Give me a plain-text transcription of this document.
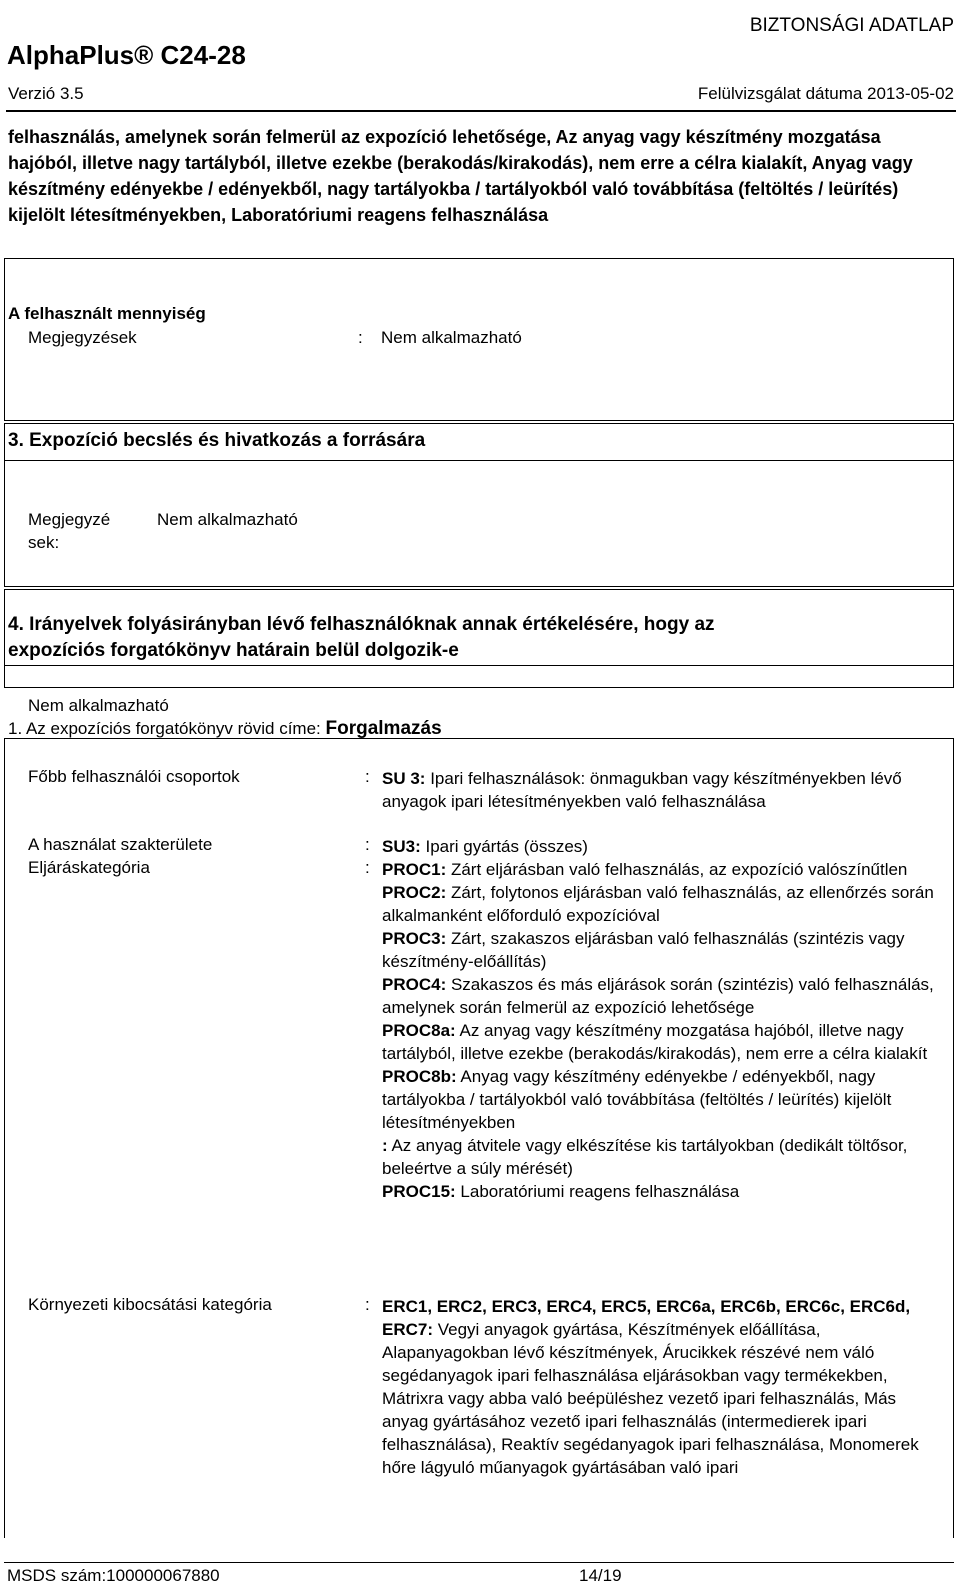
BIZTONSÁGI ADATLAP
AlphaPlus® C24-28
Verzió 3.5	Felülvizsgálat dátuma 2013-05-02
felhasználás, amelynek során felmerül az expozíció lehetősége, Az anyag vagy készítmény mozgatása hajóból, illetve nagy tartályból, illetve ezekbe (berakodás/kirakodás), nem erre a célra kialakít, Anyag vagy készítmény edényekbe / edényekből, nagy tartályokba / tartályokból való továbbítása (feltöltés / leürítés) kijelölt létesítményekben, Laboratóriumi reagens felhasználása
A felhasznált mennyiség
Megjegyzések	: Nem alkalmazható
3. Expozíció becslés és hivatkozás a forrására
Megjegyzé
sek:
Nem alkalmazható
4. Irányelvek folyásirányban lévő felhasználóknak annak értékelésére, hogy az
expozíciós forgatókönyv határain belül dolgozik-e
Nem alkalmazható
1. Az expozíciós forgatókönyv rövid címe: Forgalmazás
Főbb felhasználói csoportok	: SU 3: Ipari felhasználások: önmagukban vagy készítményekben lévő anyagok ipari létesítményekben való felhasználása
A használat szakterülete	: SU3: Ipari gyártás (összes)
Eljáráskategória	: PROC1: Zárt eljárásban való felhasználás, az expozíció valószínűtlen
PROC2: Zárt, folytonos eljárásban való felhasználás, az ellenőrzés során alkalmanként előforduló expozícióval
PROC3: Zárt, szakaszos eljárásban való felhasználás (szintézis vagy készítmény-előállítás)
PROC4: Szakaszos és más eljárások során (szintézis) való felhasználás, amelynek során felmerül az expozíció lehetősége
PROC8a: Az anyag vagy készítmény mozgatása hajóból, illetve nagy tartályból, illetve ezekbe (berakodás/kirakodás), nem erre a célra kialakít
PROC8b: Anyag vagy készítmény edényekbe / edényekből, nagy tartályokba / tartályokból való továbbítása (feltöltés / leürítés) kijelölt létesítményekben
: Az anyag átvitele vagy elkészítése kis tartályokban (dedikált töltősor, beleértve a súly mérését)
PROC15: Laboratóriumi reagens felhasználása
Környezeti kibocsátási kategória	: ERC1, ERC2, ERC3, ERC4, ERC5, ERC6a, ERC6b, ERC6c, ERC6d, ERC7: Vegyi anyagok gyártása, Készítmények előállítása, Alapanyagokban lévő készítmények, Árucikkek részévé nem váló segédanyagok ipari felhasználása eljárásokban vagy termékekben, Mátrixra vagy abba való beépüléshez vezető ipari felhasználás, Más anyag gyártásához vezető ipari felhasználás (intermedierek ipari felhasználása), Reaktív segédanyagok ipari felhasználása, Monomerek hőre lágyuló műanyagok gyártásában való ipari
MSDS szám:100000067880	14/19
